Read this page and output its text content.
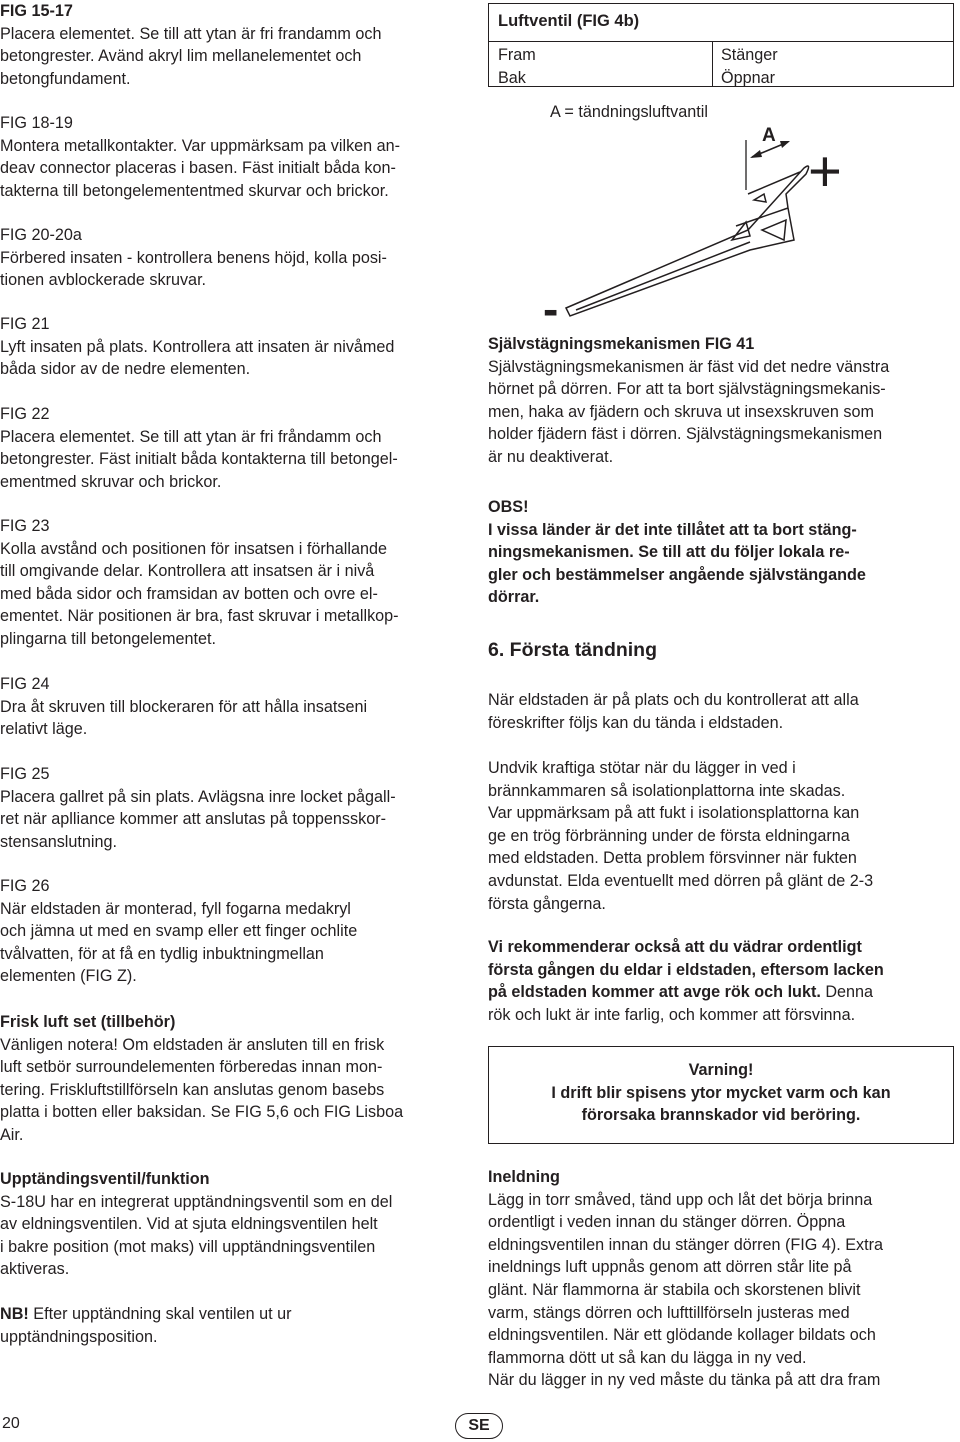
FIG 15-17
Placera elementet. Se till att ytan är fri frandamm och
betongrester. Avänd akryl lim mellanelementet och
betongfundament.
FIG 18-19
Montera metallkontakter. Var uppmärksam pa vilken an-
deav connector placeras i basen. Fäst initialt båda kon-
takterna till betongelemententmed skurvar och brickor.
FIG 20-20a
Förbered insaten - kontrollera benens höjd, kolla posi-
tionen avblockerade skruvar.
FIG 21
Lyft insaten på plats. Kontrollera att insaten är nivåmed
båda sidor av de nedre elementen.
FIG 22
Placera elementet. Se till att ytan är fri fråndamm och
betongrester. Fäst initialt båda kontakterna till betongel-
ementmed skruvar och brickor.
FIG 23
Kolla avstånd och positionen för insatsen i förhallande
till omgivande delar. Kontrollera att insatsen är i nivå
med båda sidor och framsidan av botten och ovre el-
ementet. När positionen är bra, fast skruvar i metallkop-
plingarna till betongelementet.
FIG 24
Dra åt skruven till blockeraren för att hålla insatseni
relativt läge.
FIG 25
Placera gallret på sin plats. Avlägsna inre locket pågall-
ret när aplliance kommer att anslutas på toppensskor-
stensanslutning.
FIG 26
När eldstaden är monterad, fyll fogarna medakryl
och jämna ut med en svamp eller ett finger ochlite
tvålvatten, för at få en tydlig inbuktningmellan
elementen (FIG Z).
Frisk luft set (tillbehör)
Vänligen notera! Om eldstaden är ansluten till en frisk
luft setbör surroundelementen förberedas innan mon-
tering. Friskluftstillförseln kan anslutas genom basebs
platta i botten eller baksidan. Se FIG 5,6 och FIG Lisboa
Air.
Upptändingsventil/funktion
S-18U har en integrerat upptändningsventil som en del
av eldningsventilen. Vid at sjuta eldningsventilen helt
i bakre position (mot maks) vill upptändningsventilen
aktiveras.
NB! Efter upptändning skal ventilen ut ur
upptändningsposition.
Luftventil (FIG 4b)
Fram
Bak
Stänger
Öppnar
A = tändningsluftvantil
A
+
-
Självstägningsmekanismen FIG 41
Självstägningsmekanismen är fäst vid det nedre vänstra
hörnet på dörren. For att ta bort självstägningsmekanis-
men, haka av fjädern och skruva ut insexskruven som
holder fjädern fäst i dörren. Självstägningsmekanismen
är nu deaktiverat.
OBS!
I vissa länder är det inte tillåtet att ta bort stäng-
ningsmekanismen. Se till att du följer lokala re-
gler och bestämmelser angående självstängande
dörrar.
6. Första tändning
När eldstaden är på plats och du kontrollerat att alla
föreskrifter följs kan du tända i eldstaden.
Undvik kraftiga stötar när du lägger in ved i
brännkammaren så isolationplattorna inte skadas.
Var uppmärksam på att fukt i isolationsplattorna kan
ge en trög förbränning under de första eldningarna
med eldstaden. Detta problem försvinner när fukten
avdunstat. Elda eventuellt med dörren på glänt de 2-3
första gångerna.
Vi rekommenderar också att du vädrar ordentligt
första gången du eldar i eldstaden, eftersom lacken
på eldstaden kommer att avge rök och lukt. Denna
rök och lukt är inte farlig, och kommer att försvinna.
Ineldning
Lägg in torr småved, tänd upp och låt det börja brinna
ordentligt i veden innan du stänger dörren. Öppna
eldningsventilen innan du stänger dörren (FIG 4). Extra
ineldnings luft uppnås genom att dörren står lite på
glänt. När flammorna är stabila och skorstenen blivit
varm, stängs dörren och lufttillförseln justeras med
eldningsventilen. När ett glödande kollager bildats och
flammorna dött ut så kan du lägga in ny ved.
När du lägger in ny ved måste du tänka på att dra fram
Varning!
I drift blir spisens ytor mycket varm och kan
förorsaka brannskador vid beröring.
20	SE
